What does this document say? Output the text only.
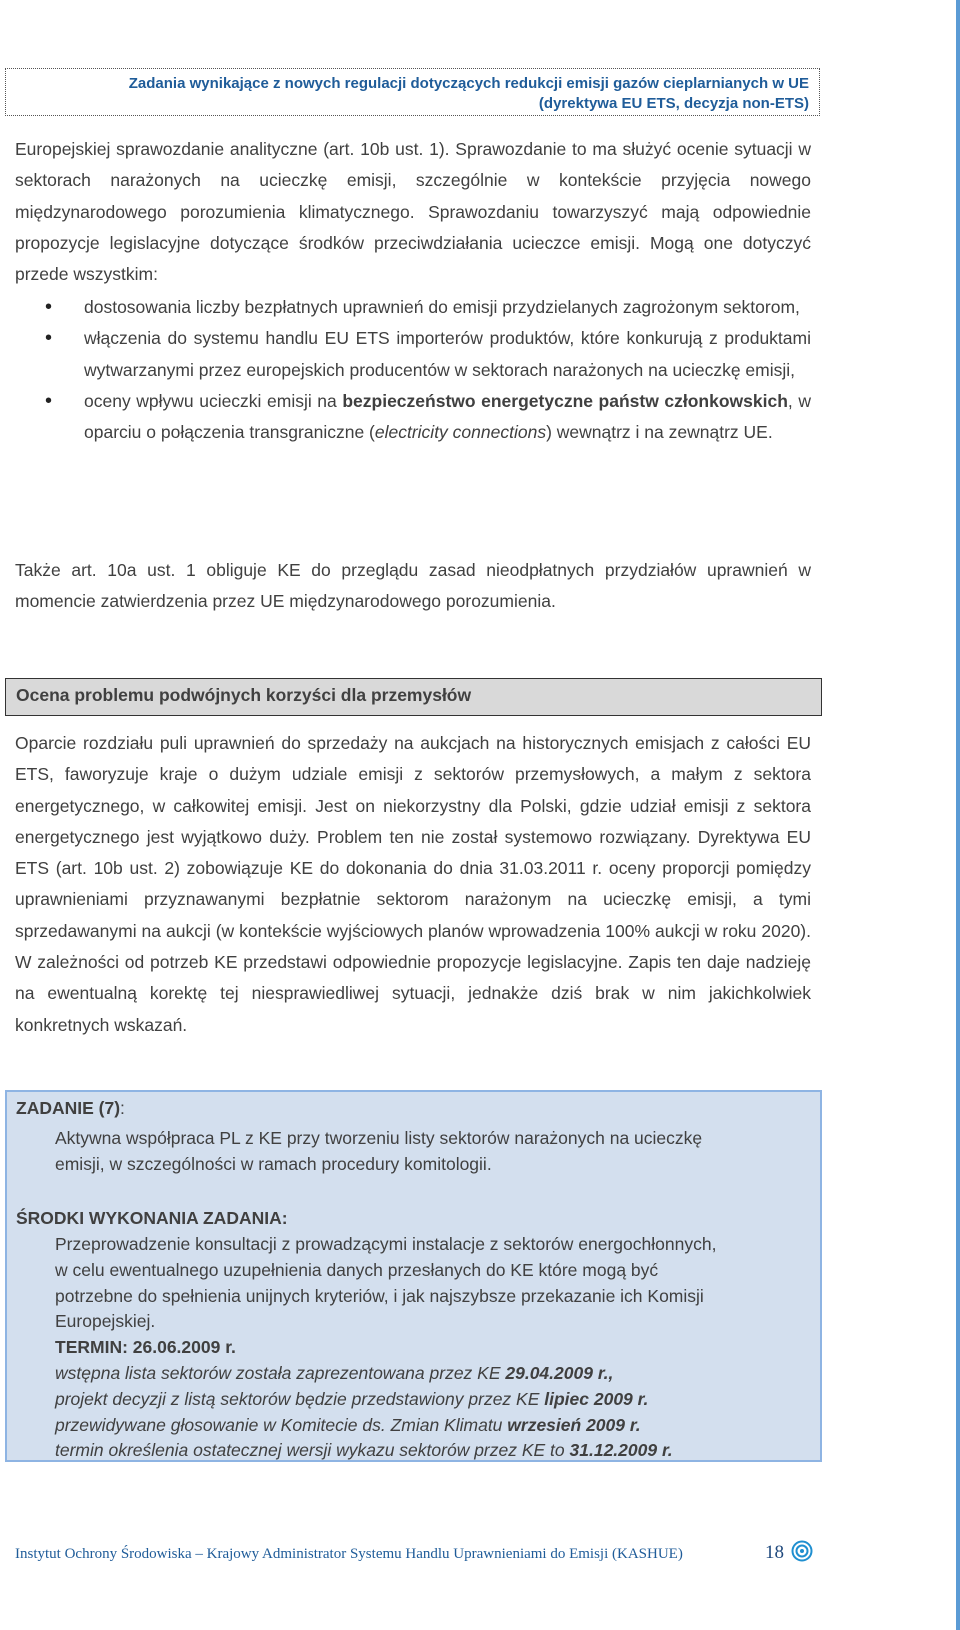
Zadania wynikające z nowych regulacji dotyczących redukcji emisji gazów cieplarnianych w UE
(dyrektywa EU ETS, decyzja non-ETS)
Europejskiej sprawozdanie analityczne (art. 10b ust. 1). Sprawozdanie to ma służyć ocenie sytuacji w sektorach narażonych na ucieczkę emisji, szczególnie w kontekście przyjęcia nowego międzynarodowego porozumienia klimatycznego. Sprawozdaniu towarzyszyć mają odpowiednie propozycje legislacyjne dotyczące środków przeciwdziałania ucieczce emisji. Mogą one dotyczyć przede wszystkim:
• dostosowania liczby bezpłatnych uprawnień do emisji przydzielanych zagrożonym sektorom,
• włączenia do systemu handlu EU ETS importerów produktów, które konkurują z produktami wytwarzanymi przez europejskich producentów w sektorach narażonych na ucieczkę emisji,
• oceny wpływu ucieczki emisji na bezpieczeństwo energetyczne państw członkowskich, w oparciu o połączenia transgraniczne (electricity connections) wewnątrz i na zewnątrz UE.
Także art. 10a ust. 1 obliguje KE do przeglądu zasad nieodpłatnych przydziałów uprawnień w momencie zatwierdzenia przez UE międzynarodowego porozumienia.
Ocena problemu podwójnych korzyści dla przemysłów
Oparcie rozdziału puli uprawnień do sprzedaży na aukcjach na historycznych emisjach z całości EU ETS, faworyzuje kraje o dużym udziale emisji z sektorów przemysłowych, a małym z sektora energetycznego, w całkowitej emisji. Jest on niekorzystny dla Polski, gdzie udział emisji z sektora energetycznego jest wyjątkowo duży. Problem ten nie został systemowo rozwiązany. Dyrektywa EU ETS (art. 10b ust. 2) zobowiązuje KE do dokonania do dnia 31.03.2011 r. oceny proporcji pomiędzy uprawnieniami przyznawanymi bezpłatnie sektorom narażonym na ucieczkę emisji, a tymi sprzedawanymi na aukcji (w kontekście wyjściowych planów wprowadzenia 100% aukcji w roku 2020). W zależności od potrzeb KE przedstawi odpowiednie propozycje legislacyjne. Zapis ten daje nadzieję na ewentualną korektę tej niesprawiedliwej sytuacji, jednakże dziś brak w nim jakichkolwiek konkretnych wskazań.
ZADANIE (7):
Aktywna współpraca PL z KE przy tworzeniu listy sektorów narażonych na ucieczkę
emisji, w szczególności w ramach procedury komitologii.
ŚRODKI WYKONANIA ZADANIA:
Przeprowadzenie konsultacji z prowadzącymi instalacje z sektorów energochłonnych,
w celu ewentualnego uzupełnienia danych przesłanych do KE które mogą być
potrzebne do spełnienia unijnych kryteriów, i jak najszybsze przekazanie ich Komisji
Europejskiej.
TERMIN: 26.06.2009 r.
wstępna lista sektorów została zaprezentowana przez KE 29.04.2009 r.,
projekt decyzji z listą sektorów będzie przedstawiony przez KE lipiec 2009 r.
przewidywane głosowanie w Komitecie ds. Zmian Klimatu wrzesień 2009 r.
termin określenia ostatecznej wersji wykazu sektorów przez KE to 31.12.2009 r.
Instytut Ochrony Środowiska – Krajowy Administrator Systemu Handlu Uprawnieniami do Emisji (KASHUE)	18
